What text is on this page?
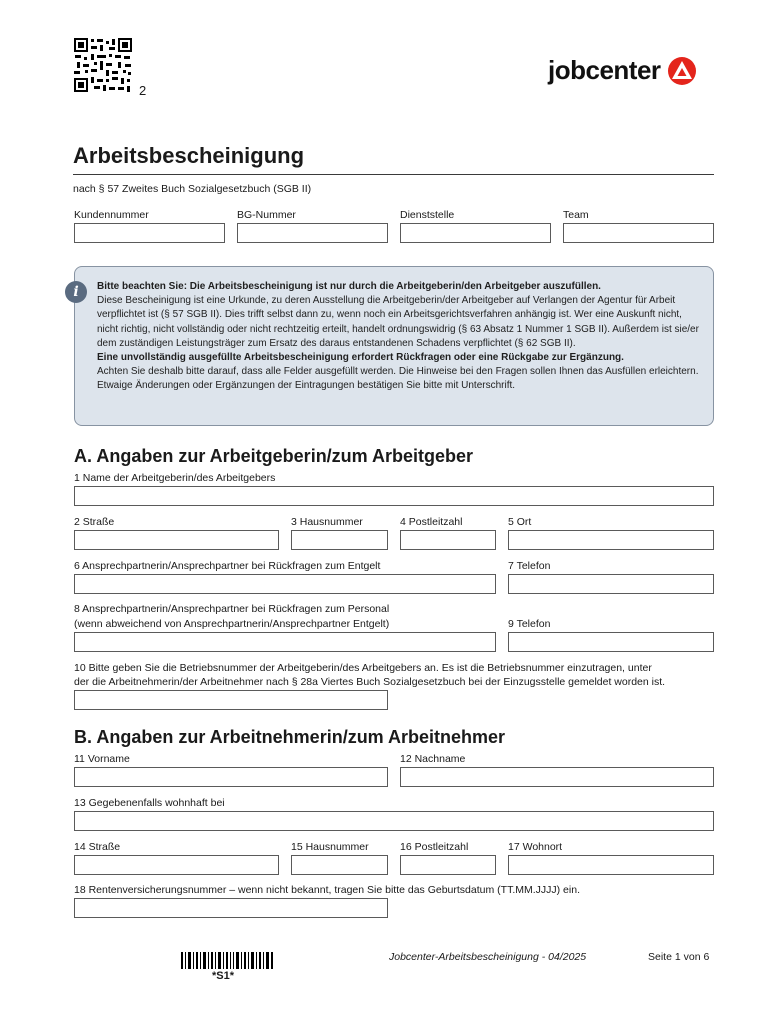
2
jobcenter
Arbeitsbescheinigung
nach § 57 Zweites Buch Sozialgesetzbuch (SGB II)
Kundennummer	BG-Nummer	Dienststelle	Team

Bitte beachten Sie: Die Arbeitsbescheinigung ist nur durch die Arbeitgeberin/den Arbeitgeber auszufüllen.
Diese Bescheinigung ist eine Urkunde, zu deren Ausstellung die Arbeitgeberin/der Arbeitgeber auf Verlangen der Agentur für Arbeit verpflichtet ist (§ 57 SGB II). Dies trifft selbst dann zu, wenn noch ein Arbeitsgerichtsverfahren anhängig ist. Wer eine Auskunft nicht, nicht richtig, nicht vollständig oder nicht rechtzeitig erteilt, handelt ordnungswidrig (§ 63 Absatz 1 Nummer 1 SGB II). Außerdem ist sie/er dem zuständigen Leistungsträger zum Ersatz des daraus entstandenen Schadens verpflichtet (§ 62 SGB II).
Eine unvollständig ausgefüllte Arbeitsbescheinigung erfordert Rückfragen oder eine Rückgabe zur Ergänzung.
Achten Sie deshalb bitte darauf, dass alle Felder ausgefüllt werden. Die Hinweise bei den Fragen sollen Ihnen das Ausfüllen erleichtern. Etwaige Änderungen oder Ergänzungen der Eintragungen bestätigen Sie bitte mit Unterschrift.

i
A. Angaben zur Arbeitgeberin/zum Arbeitgeber
1 Name der Arbeitgeberin/des Arbeitgebers
2 Straße	3 Hausnummer	4 Postleitzahl	5 Ort
6 Ansprechpartnerin/Ansprechpartner bei Rückfragen zum Entgelt	7 Telefon
8 Ansprechpartnerin/Ansprechpartner bei Rückfragen zum Personal
(wenn abweichend von Ansprechpartnerin/Ansprechpartner Entgelt)	9 Telefon
10 Bitte geben Sie die Betriebsnummer der Arbeitgeberin/des Arbeitgebers an. Es ist die Betriebsnummer einzutragen, unter
der die Arbeitnehmerin/der Arbeitnehmer nach § 28a Viertes Buch Sozialgesetzbuch bei der Einzugsstelle gemeldet worden ist.
B. Angaben zur Arbeitnehmerin/zum Arbeitnehmer
11 Vorname	12 Nachname
13 Gegebenenfalls wohnhaft bei
14 Straße	15 Hausnummer	16 Postleitzahl	17 Wohnort
18 Rentenversicherungsnummer – wenn nicht bekannt, tragen Sie bitte das Geburtsdatum (TT.MM.JJJJ) ein.
*S1*
Jobcenter-Arbeitsbescheinigung - 04/2025	Seite 1 von 6
